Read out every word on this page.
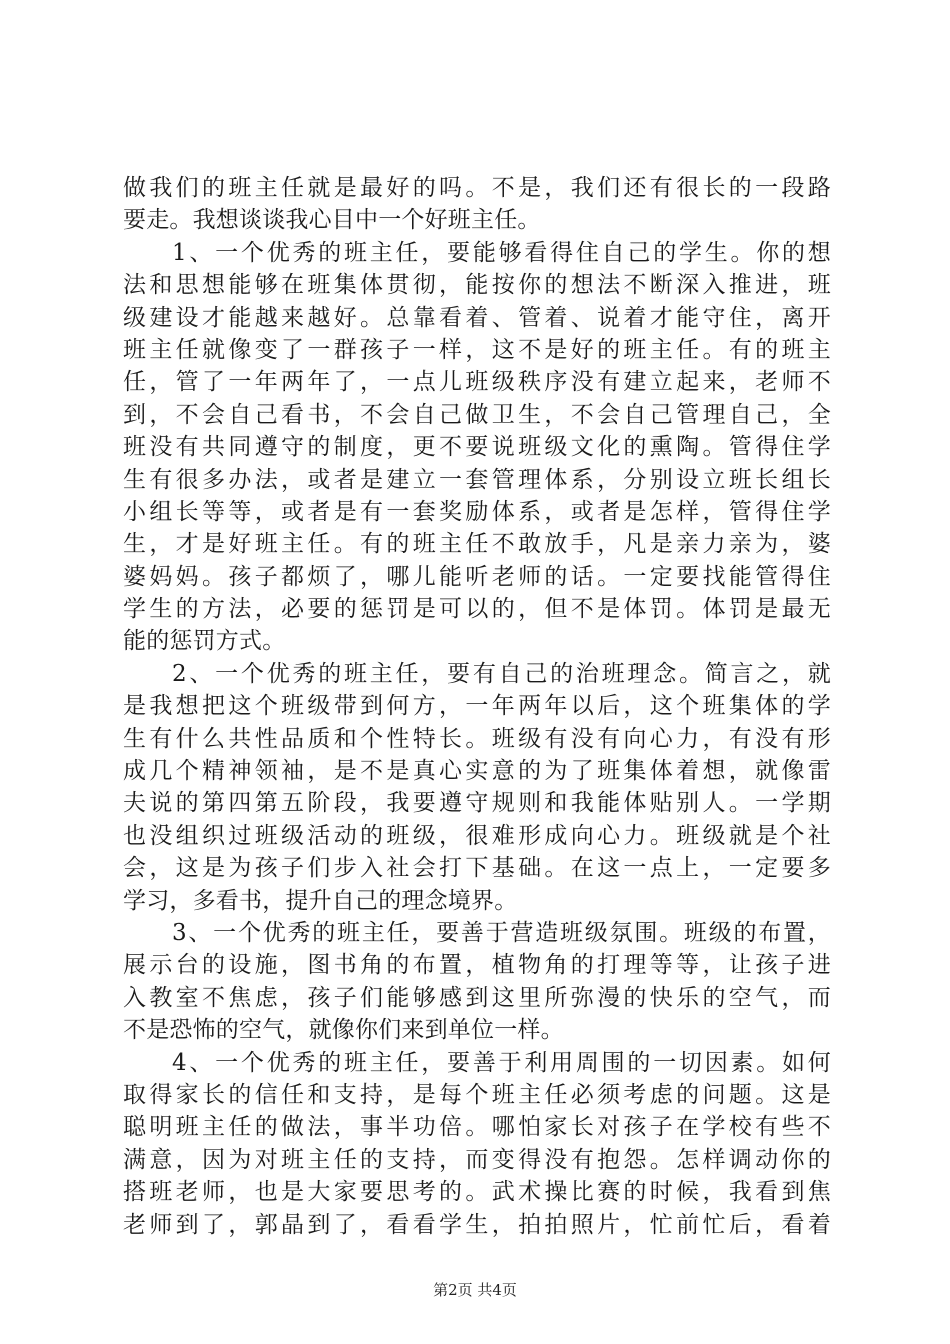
做我们的班主任就是最好的吗。不是，我们还有很长的一段路
要走。我想谈谈我心目中一个好班主任。
1、一个优秀的班主任，要能够看得住自己的学生。你的想
法和思想能够在班集体贯彻，能按你的想法不断深入推进，班
级建设才能越来越好。总靠看着、管着、说着才能守住，离开
班主任就像变了一群孩子一样，这不是好的班主任。有的班主
任，管了一年两年了，一点儿班级秩序没有建立起来，老师不
到，不会自己看书，不会自己做卫生，不会自己管理自己，全
班没有共同遵守的制度，更不要说班级文化的熏陶。管得住学
生有很多办法，或者是建立一套管理体系，分别设立班长组长
小组长等等，或者是有一套奖励体系，或者是怎样，管得住学
生，才是好班主任。有的班主任不敢放手，凡是亲力亲为，婆
婆妈妈。孩子都烦了，哪儿能听老师的话。一定要找能管得住
学生的方法，必要的惩罚是可以的，但不是体罚。体罚是最无
能的惩罚方式。
2、一个优秀的班主任，要有自己的治班理念。简言之，就
是我想把这个班级带到何方，一年两年以后，这个班集体的学
生有什么共性品质和个性特长。班级有没有向心力，有没有形
成几个精神领袖，是不是真心实意的为了班集体着想，就像雷
夫说的第四第五阶段，我要遵守规则和我能体贴别人。一学期
也没组织过班级活动的班级，很难形成向心力。班级就是个社
会，这是为孩子们步入社会打下基础。在这一点上，一定要多
学习，多看书，提升自己的理念境界。
3、一个优秀的班主任，要善于营造班级氛围。班级的布置，
展示台的设施，图书角的布置，植物角的打理等等，让孩子进
入教室不焦虑，孩子们能够感到这里所弥漫的快乐的空气，而
不是恐怖的空气，就像你们来到单位一样。
4、一个优秀的班主任，要善于利用周围的一切因素。如何
取得家长的信任和支持，是每个班主任必须考虑的问题。这是
聪明班主任的做法，事半功倍。哪怕家长对孩子在学校有些不
满意，因为对班主任的支持，而变得没有抱怨。怎样调动你的
搭班老师，也是大家要思考的。武术操比赛的时候，我看到焦
老师到了，郭晶到了，看看学生，拍拍照片，忙前忙后，看着
第2页 共4页
